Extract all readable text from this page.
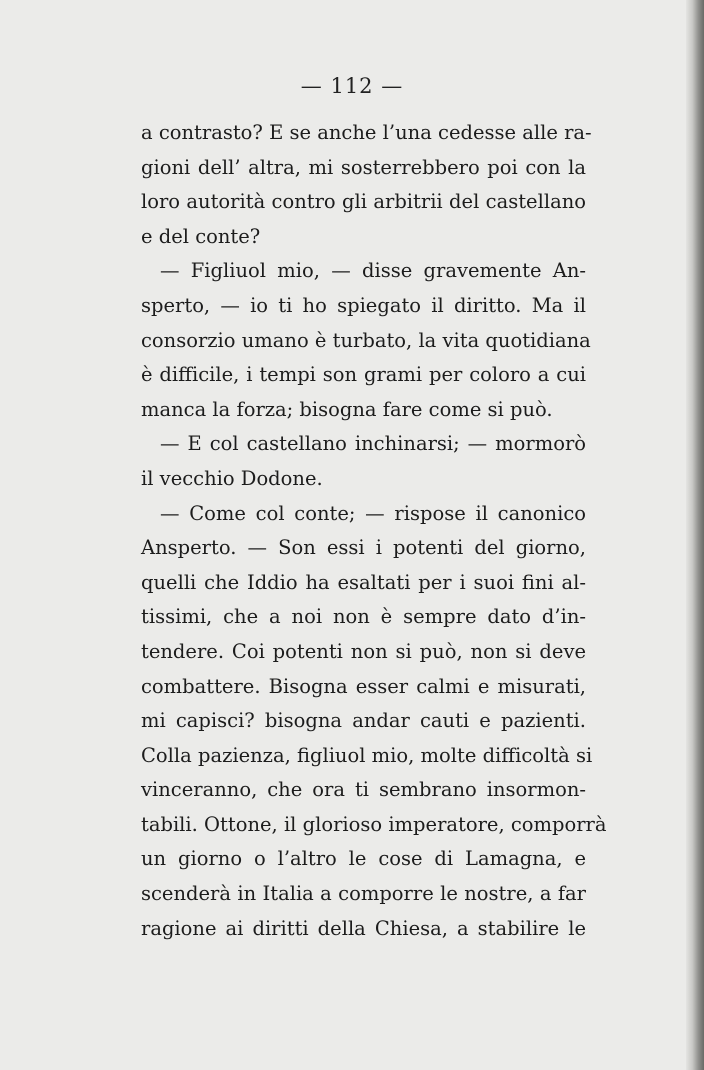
— 112 —
a contrasto? E se anche l’una cedesse alle ra-
gioni dell’ altra, mi sosterrebbero poi con la
loro autorità contro gli arbitrii del castellano
e del conte?
— Figliuol mio, — disse gravemente An-
sperto, — io ti ho spiegato il diritto. Ma il
consorzio umano è turbato, la vita quotidiana
è difficile, i tempi son grami per coloro a cui
manca la forza; bisogna fare come si può.
— E col castellano inchinarsi; — mormorò
il vecchio Dodone.
— Come col conte; — rispose il canonico
Ansperto. — Son essi i potenti del giorno,
quelli che Iddio ha esaltati per i suoi fini al-
tissimi, che a noi non è sempre dato d’in-
tendere. Coi potenti non si può, non si deve
combattere. Bisogna esser calmi e misurati,
mi capisci? bisogna andar cauti e pazienti.
Colla pazienza, figliuol mio, molte difficoltà si
vinceranno, che ora ti sembrano insormon-
tabili. Ottone, il glorioso imperatore, comporrà
un giorno o l’altro le cose di Lamagna, e
scenderà in Italia a comporre le nostre, a far
ragione ai diritti della Chiesa, a stabilire le
